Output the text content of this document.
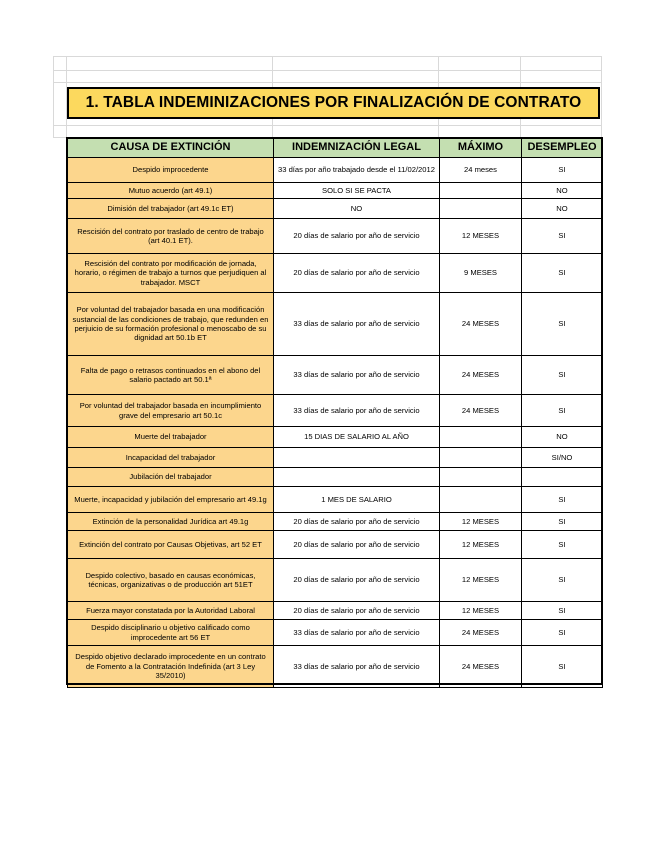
1. TABLA INDEMINIZACIONES POR FINALIZACIÓN DE CONTRATO
CAUSA DE EXTINCIÓN	INDEMNIZACIÓN LEGAL	MÁXIMO	DESEMPLEO
Despido improcedente	33 días por año trabajado desde el 11/02/2012	24 meses	SI
Mutuo acuerdo (art 49.1)	SOLO SI SE PACTA		NO
Dimisión del trabajador (art 49.1c ET)	NO		NO
Rescisión del contrato por traslado de centro de trabajo (art 40.1 ET).	20 días de salario por año de servicio	12 MESES	SI
Rescisión del contrato por modificación de jornada, horario, o régimen de trabajo a turnos que perjudiquen al trabajador. MSCT	20 días de salario por año de servicio	9 MESES	SI
Por voluntad del trabajador basada en una modificación sustancial de las condiciones de trabajo, que redunden en perjuicio de su formación profesional o menoscabo de su dignidad art 50.1b ET	33 días de salario por año de servicio	24 MESES	SI
Falta de pago o retrasos continuados en el abono del salario pactado art 50.1ª	33 días de salario por año de servicio	24 MESES	SI
Por voluntad del trabajador basada en incumplimiento grave del empresario art 50.1c	33 días de salario por año de servicio	24 MESES	SI
Muerte del trabajador	15 DIAS DE SALARIO AL AÑO		NO
Incapacidad del trabajador			SI/NO
Jubilación del trabajador			
Muerte, incapacidad y jubilación del empresario art 49.1g	1 MES DE SALARIO		SI
Extinción de la personalidad Jurídica art 49.1g	20 días de salario por año de servicio	12 MESES	SI
Extinción del contrato por Causas Objetivas, art 52 ET	20 días de salario por año de servicio	12 MESES	SI
Despido colectivo, basado en causas económicas, técnicas, organizativas o de producción art 51ET	20 días de salario por año de servicio	12 MESES	SI
Fuerza mayor constatada por la Autoridad Laboral	20 días de salario por año de servicio	12 MESES	SI
Despido disciplinario u objetivo calificado como improcedente art 56 ET	33 días de salario por año de servicio	24 MESES	SI
Despido objetivo declarado improcedente en un contrato de Fomento a la Contratación Indefinida (art 3 Ley 35/2010)	33 días de salario por año de servicio	24 MESES	SI
